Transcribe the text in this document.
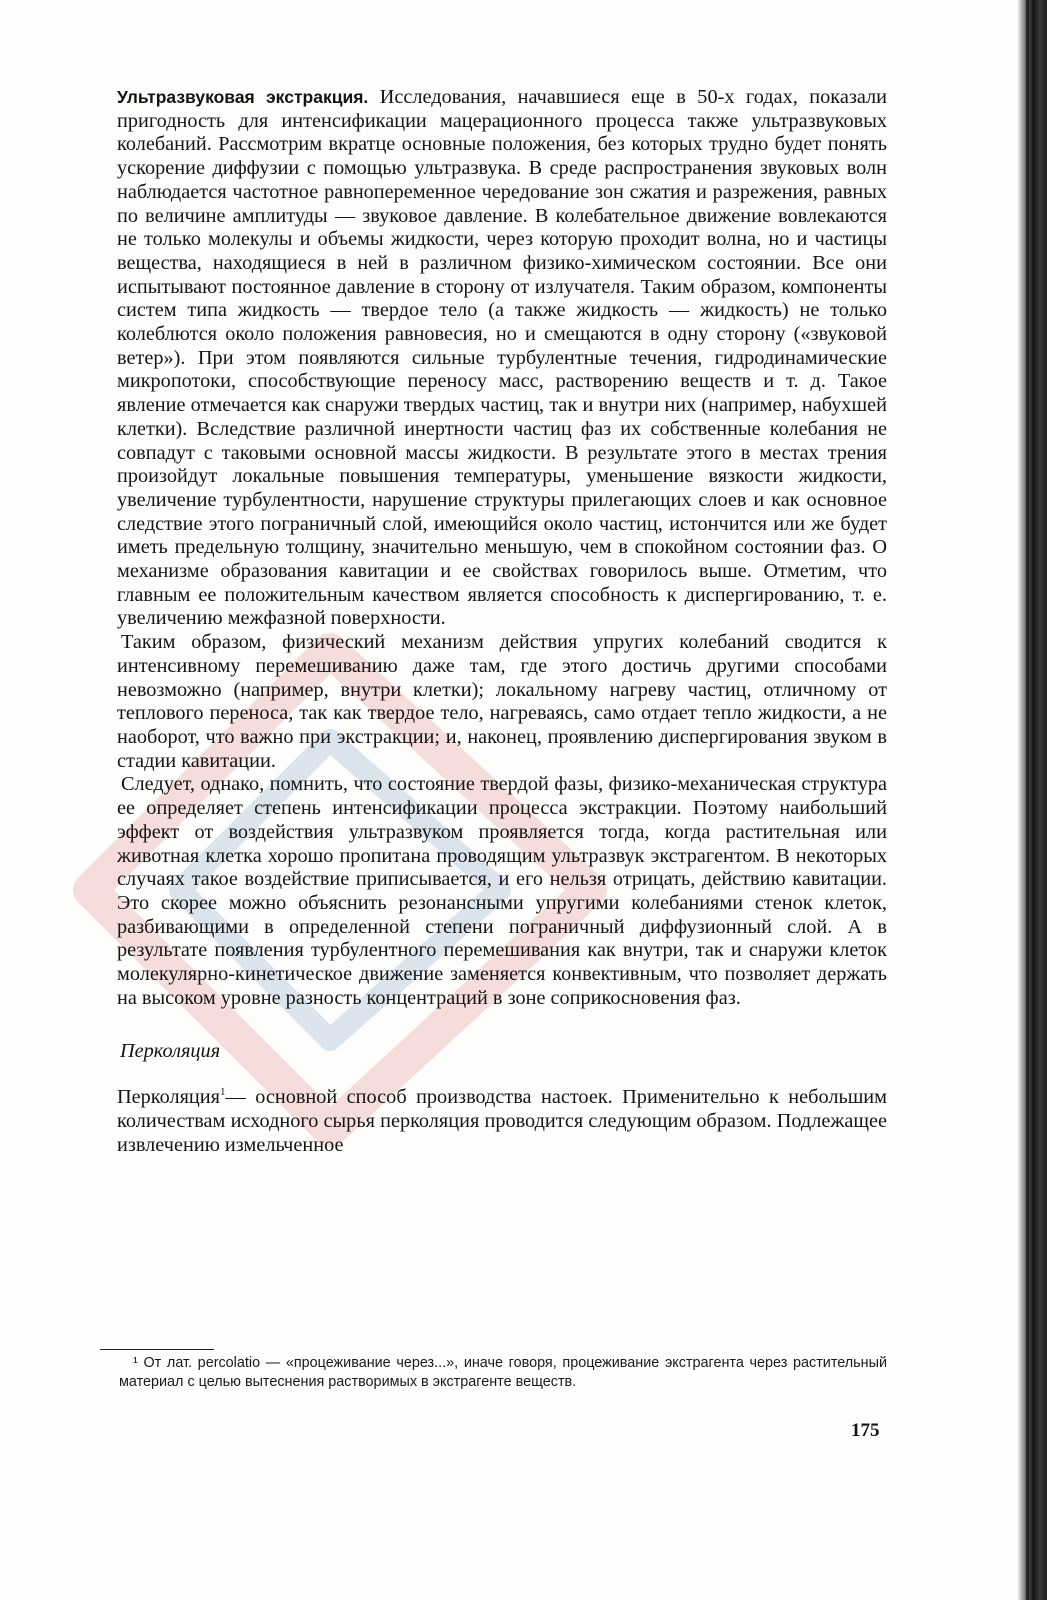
Ультразвуковая экстракция. Исследования, начавшиеся еще в 50-х годах, показали пригодность для интенсификации мацерационного процесса также ультразвуковых колебаний. Рассмотрим вкратце основные положения, без которых трудно будет понять ускорение диффузии с помощью ультразвука. В среде распространения звуковых волн наблюдается частотное равнопеременное чередование зон сжатия и разрежения, равных по величине амплитуды — звуковое давление. В колебательное движение вовлекаются не только молекулы и объемы жидкости, через которую проходит волна, но и частицы вещества, находящиеся в ней в различном физико-химическом состоянии. Все они испытывают постоянное давление в сторону от излучателя. Таким образом, компоненты систем типа жидкость — твердое тело (а также жидкость — жидкость) не только колеблются около положения равновесия, но и смещаются в одну сторону («звуковой ветер»). При этом появляются сильные турбулентные течения, гидродинамические микропотоки, способствующие переносу масс, растворению веществ и т. д. Такое явление отмечается как снаружи твердых частиц, так и внутри них (например, набухшей клетки). Вследствие различной инертности частиц фаз их собственные колебания не совпадут с таковыми основной массы жидкости. В результате этого в местах трения произойдут локальные повышения температуры, уменьшение вязкости жидкости, увеличение турбулентности, нарушение структуры прилегающих слоев и как основное следствие этого пограничный слой, имеющийся около частиц, истончится или же будет иметь предельную толщину, значительно меньшую, чем в спокойном состоянии фаз. О механизме образования кавитации и ее свойствах говорилось выше. Отметим, что главным ее положительным качеством является способность к диспергированию, т. е. увеличению межфазной поверхности.

Таким образом, физический механизм действия упругих колебаний сводится к интенсивному перемешиванию даже там, где этого достичь другими способами невозможно (например, внутри клетки); локальному нагреву частиц, отличному от теплового переноса, так как твердое тело, нагреваясь, само отдает тепло жидкости, а не наоборот, что важно при экстракции; и, наконец, проявлению диспергирования звуком в стадии кавитации.

Следует, однако, помнить, что состояние твердой фазы, физико-механическая структура ее определяет степень интенсификации процесса экстракции. Поэтому наибольший эффект от воздействия ультразвуком проявляется тогда, когда растительная или животная клетка хорошо пропитана проводящим ультразвук экстрагентом. В некоторых случаях такое воздействие приписывается, и его нельзя отрицать, действию кавитации. Это скорее можно объяснить резонансными упругими колебаниями стенок клеток, разбивающими в определенной степени пограничный диффузионный слой. А в результате появления турбулентного перемешивания как внутри, так и снаружи клеток молекулярно-кинетическое движение заменяется конвективным, что позволяет держать на высоком уровне разность концентраций в зоне соприкосновения фаз.

Перколяция

Перколяция$^1$— основной способ производства настоек. Применительно к небольшим количествам исходного сырья перколяция проводится следующим образом. Подлежащее извлечению измельченное

¹ От лат. percolatio — «процеживание через...», иначе говоря, процеживание экстрагента через растительный материал с целью вытеснения растворимых в экстрагенте веществ.
175
